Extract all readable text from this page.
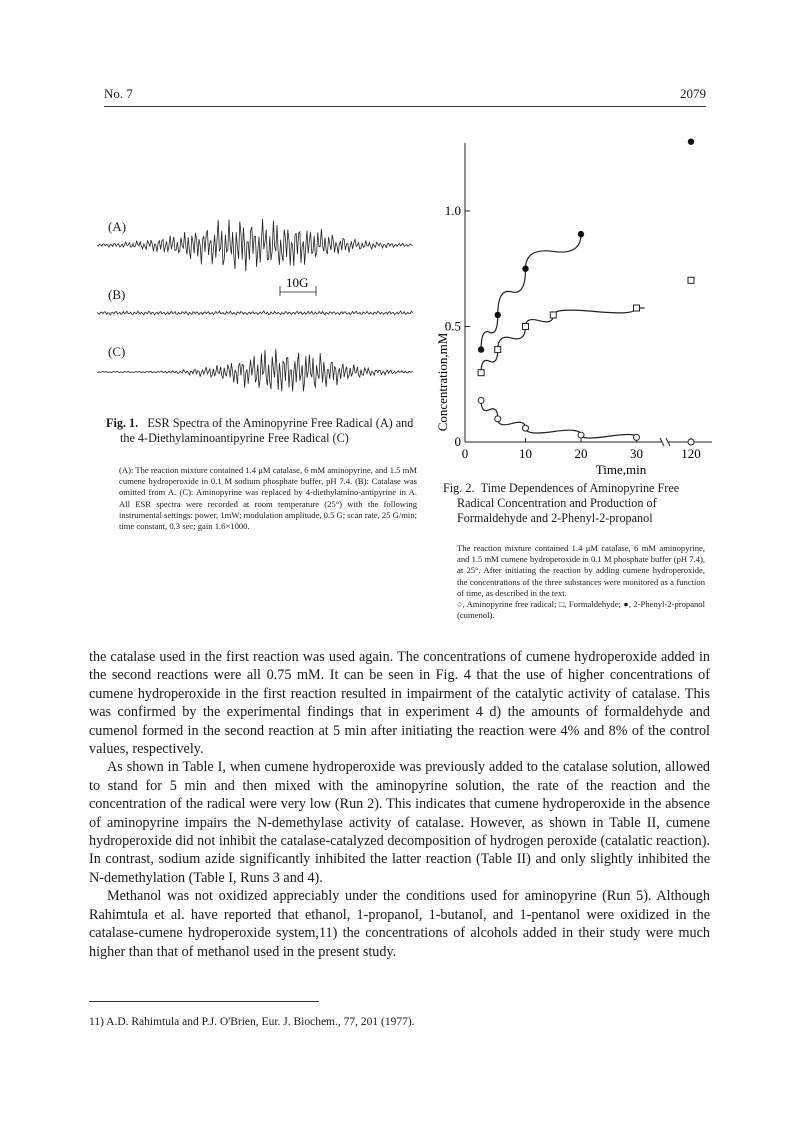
No. 7	2079
(A)
(B)
(C)
10G
Fig. 1. ESR Spectra of the Aminopyrine Free Radical (A) and the 4-Diethylaminoantipyrine Free Radical (C)
(A): The reaction mixture contained 1.4 μM catalase, 6 mM aminopyrine, and 1.5 mM cumene hydroperoxide in 0.1 M sodium phosphate buffer, pH 7.4. (B): Catalase was omitted from A. (C): Aminopyrine was replaced by 4-diethylamino-antipyrine in A. All ESR spectra were recorded at room temperature (25°) with the following instrumental settings: power, 1mW; modulation amplitude, 0.5 G; scan rate, 25 G/min; time constant, 0.3 sec; gain 1.6×1000.
0
0.5
1.0
0	10	20	30	120
Time,min
Concentration,mM
Fig. 2. Time Dependences of Aminopyrine Free Radical Concentration and Production of Formaldehyde and 2-Phenyl-2-propanol
The reaction mixture contained 1.4 μM catalase, 6 mM aminopyrine, and 1.5 mM cumene hydroperoxide in 0.1 M phosphate buffer (pH 7.4), at 25°. After initiating the reaction by adding cumene hydroperoxide, the concentrations of the three substances were monitored as a function of time, as described in the text.
○, Aminopyrine free radical; □, Formaldehyde; ●, 2-Phenyl-2-propanol (cumenol).

the catalase used in the first reaction was used again. The concentrations of cumene hydroperoxide added in the second reactions were all 0.75 mM. It can be seen in Fig. 4 that the use of higher concentrations of cumene hydroperoxide in the first reaction resulted in impairment of the catalytic activity of catalase. This was confirmed by the experimental findings that in experiment 4 d) the amounts of formaldehyde and cumenol formed in the second reaction at 5 min after initiating the reaction were 4% and 8% of the control values, respectively.

As shown in Table I, when cumene hydroperoxide was previously added to the catalase solution, allowed to stand for 5 min and then mixed with the aminopyrine solution, the rate of the reaction and the concentration of the radical were very low (Run 2). This indicates that cumene hydroperoxide in the absence of aminopyrine impairs the N-demethylase activity of catalase. However, as shown in Table II, cumene hydroperoxide did not inhibit the catalase-catalyzed decomposition of hydrogen peroxide (catalatic reaction). In contrast, sodium azide significantly inhibited the latter reaction (Table II) and only slightly inhibited the N-demethylation (Table I, Runs 3 and 4).

Methanol was not oxidized appreciably under the conditions used for aminopyrine (Run 5). Although Rahimtula et al. have reported that ethanol, 1-propanol, 1-butanol, and 1-pentanol were oxidized in the catalase-cumene hydroperoxide system,11) the concentrations of alcohols added in their study were much higher than that of methanol used in the present study.

11) A.D. Rahimtula and P.J. O'Brien, Eur. J. Biochem., 77, 201 (1977).
